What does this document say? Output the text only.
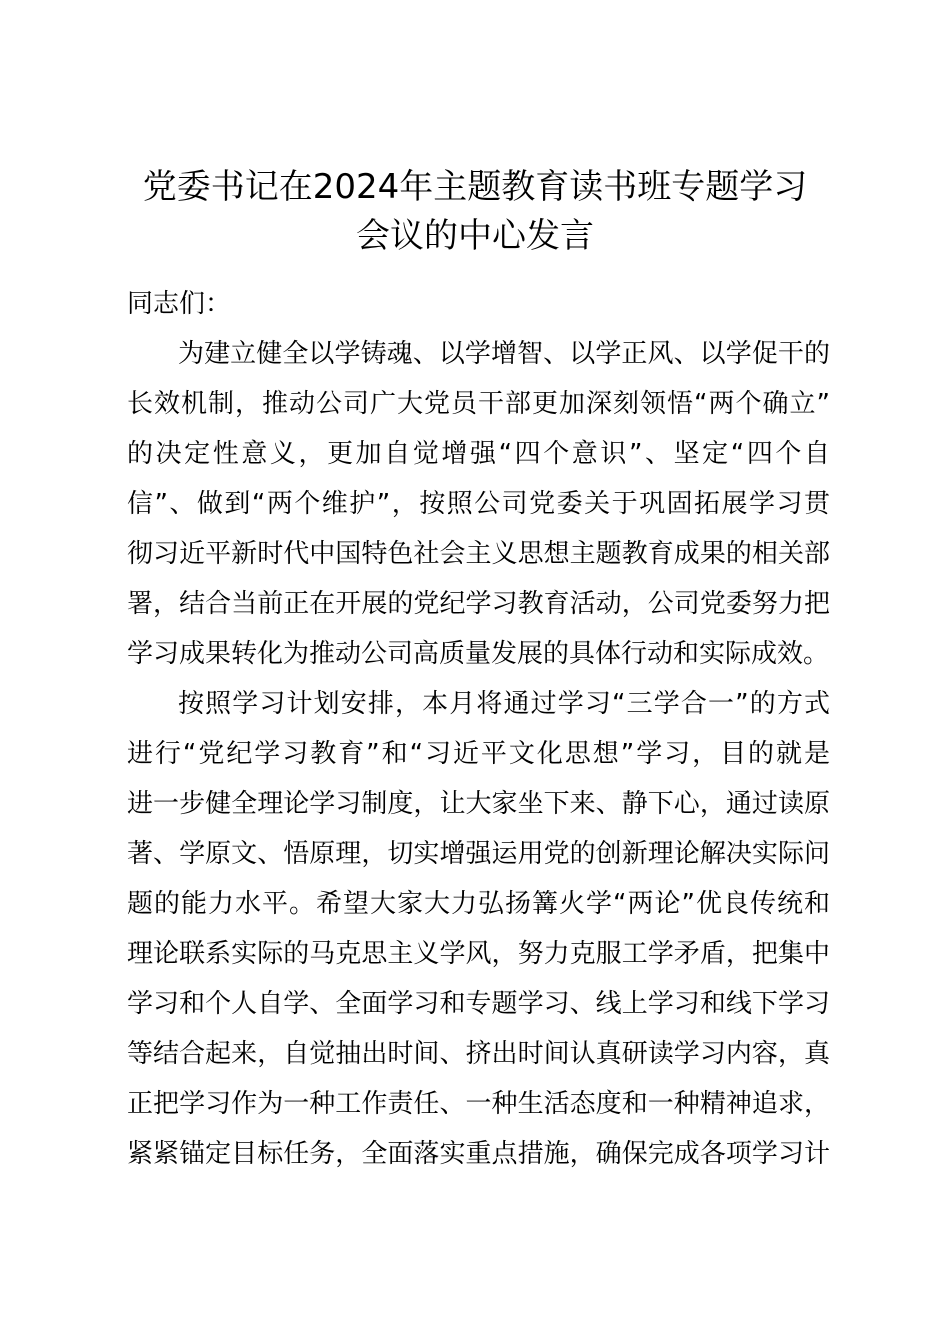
党委书记在2024年主题教育读书班专题学习
会议的中心发言
同志们：
为建立健全以学铸魂、以学增智、以学正风、以学促干的
长效机制，推动公司广大党员干部更加深刻领悟“两个确立”
的决定性意义，更加自觉增强“四个意识”、坚定“四个自
信”、做到“两个维护”，按照公司党委关于巩固拓展学习贯
彻习近平新时代中国特色社会主义思想主题教育成果的相关部
署，结合当前正在开展的党纪学习教育活动，公司党委努力把
学习成果转化为推动公司高质量发展的具体行动和实际成效。
按照学习计划安排，本月将通过学习“三学合一”的方式
进行“党纪学习教育”和“习近平文化思想”学习，目的就是
进一步健全理论学习制度，让大家坐下来、静下心，通过读原
著、学原文、悟原理，切实增强运用党的创新理论解决实际问
题的能力水平。希望大家大力弘扬篝火学“两论”优良传统和
理论联系实际的马克思主义学风，努力克服工学矛盾，把集中
学习和个人自学、全面学习和专题学习、线上学习和线下学习
等结合起来，自觉抽出时间、挤出时间认真研读学习内容，真
正把学习作为一种工作责任、一种生活态度和一种精神追求，
紧紧锚定目标任务，全面落实重点措施，确保完成各项学习计
